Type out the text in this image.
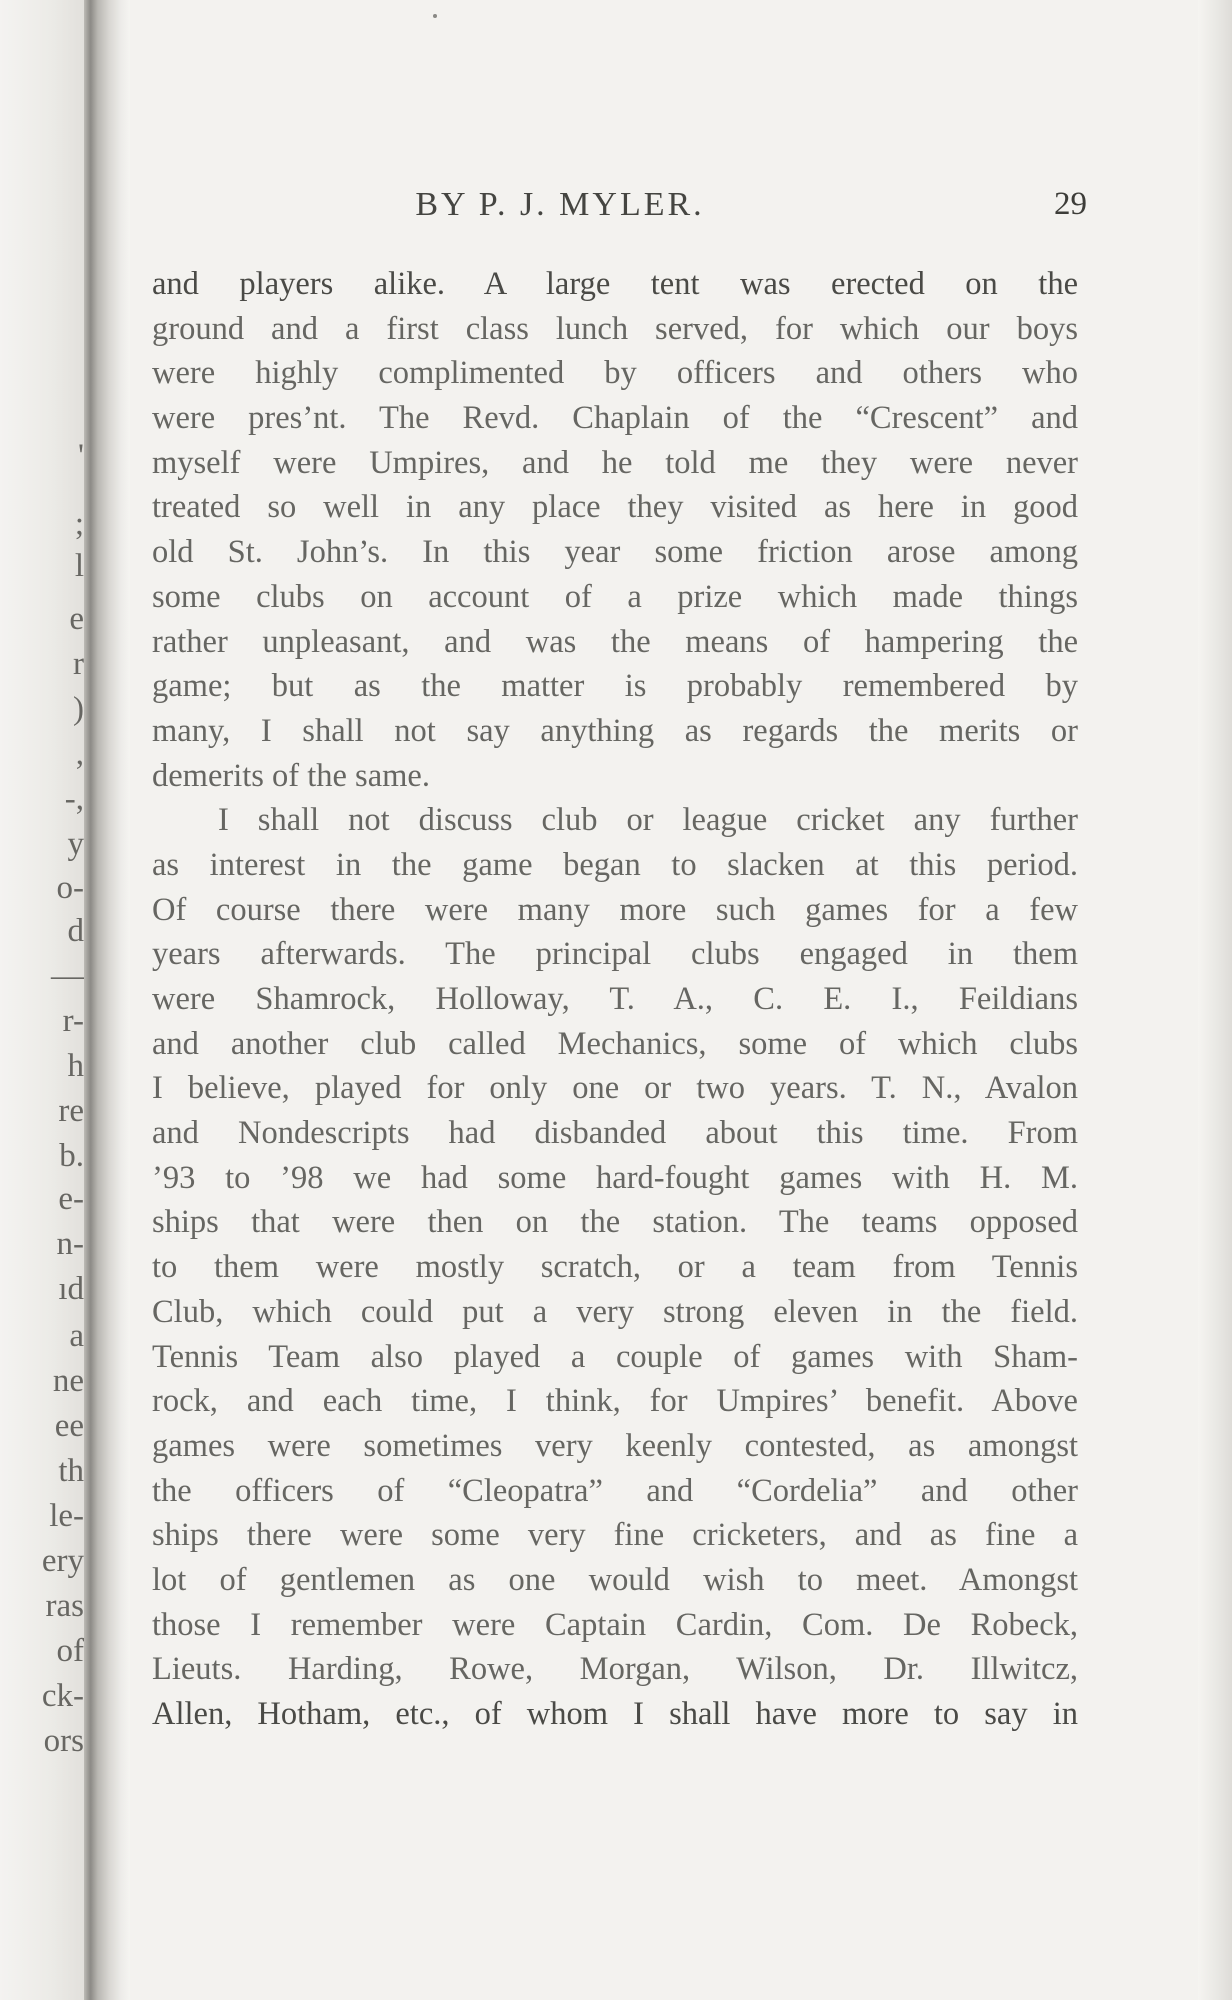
'
;
l
e
r
)
,
-,
y
o-
d
—
r-
h
re
b.
e-
n-
ıd
a
ne
ee
th
le-
ery
ras
of
ck-
ors
BY P. J. MYLER.	29
and players alike. A large tent was erected on the
ground and a first class lunch served, for which our boys
were highly complimented by officers and others who
were pres’nt. The Revd. Chaplain of the “Crescent” and
myself were Umpires, and he told me they were never
treated so well in any place they visited as here in good
old St. John’s. In this year some friction arose among
some clubs on account of a prize which made things
rather unpleasant, and was the means of hampering the
game; but as the matter is probably remembered by
many, I shall not say anything as regards the merits or
demerits of the same.
I shall not discuss club or league cricket any further
as interest in the game began to slacken at this period.
Of course there were many more such games for a few
years afterwards. The principal clubs engaged in them
were Shamrock, Holloway, T. A., C. E. I., Feildians
and another club called Mechanics, some of which clubs
I believe, played for only one or two years. T. N., Avalon
and Nondescripts had disbanded about this time. From
’93 to ’98 we had some hard-fought games with H. M.
ships that were then on the station. The teams opposed
to them were mostly scratch, or a team from Tennis
Club, which could put a very strong eleven in the field.
Tennis Team also played a couple of games with Sham-
rock, and each time, I think, for Umpires’ benefit. Above
games were sometimes very keenly contested, as amongst
the officers of “Cleopatra” and “Cordelia” and other
ships there were some very fine cricketers, and as fine a
lot of gentlemen as one would wish to meet. Amongst
those I remember were Captain Cardin, Com. De Robeck,
Lieuts. Harding, Rowe, Morgan, Wilson, Dr. Illwitcz,
Allen, Hotham, etc., of whom I shall have more to say in
